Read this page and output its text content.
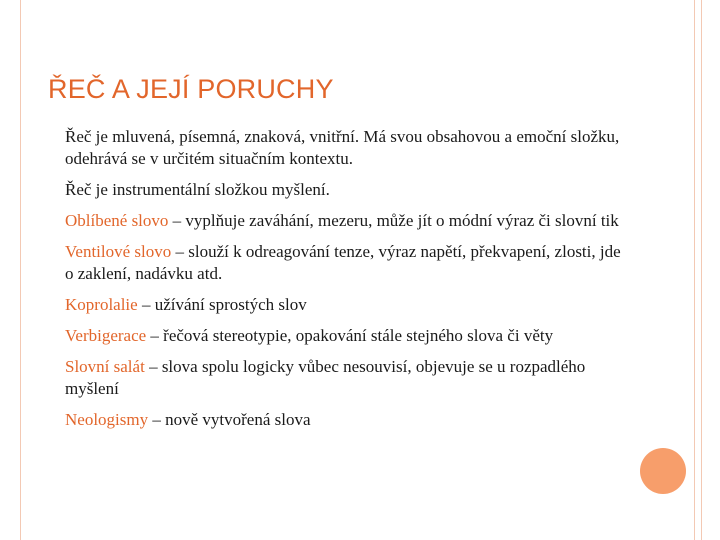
ŘEČ A JEJÍ PORUCHY
Řeč je mluvená, písemná, znaková, vnitřní. Má svou obsahovou a emoční složku, odehrává se v určitém situačním kontextu.
Řeč je instrumentální složkou myšlení.
Oblíbené slovo – vyplňuje zaváhání, mezeru, může jít o módní výraz či slovní tik
Ventilové slovo – slouží k odreagování tenze, výraz napětí, překvapení, zlosti, jde o zaklení, nadávku atd.
Koprolalie – užívání sprostých slov
Verbigerace – řečová stereotypie, opakování stále stejného slova či věty
Slovní salát – slova spolu logicky vůbec nesouvisí, objevuje se u rozpadlého myšlení
Neologismy – nově vytvořená slova
